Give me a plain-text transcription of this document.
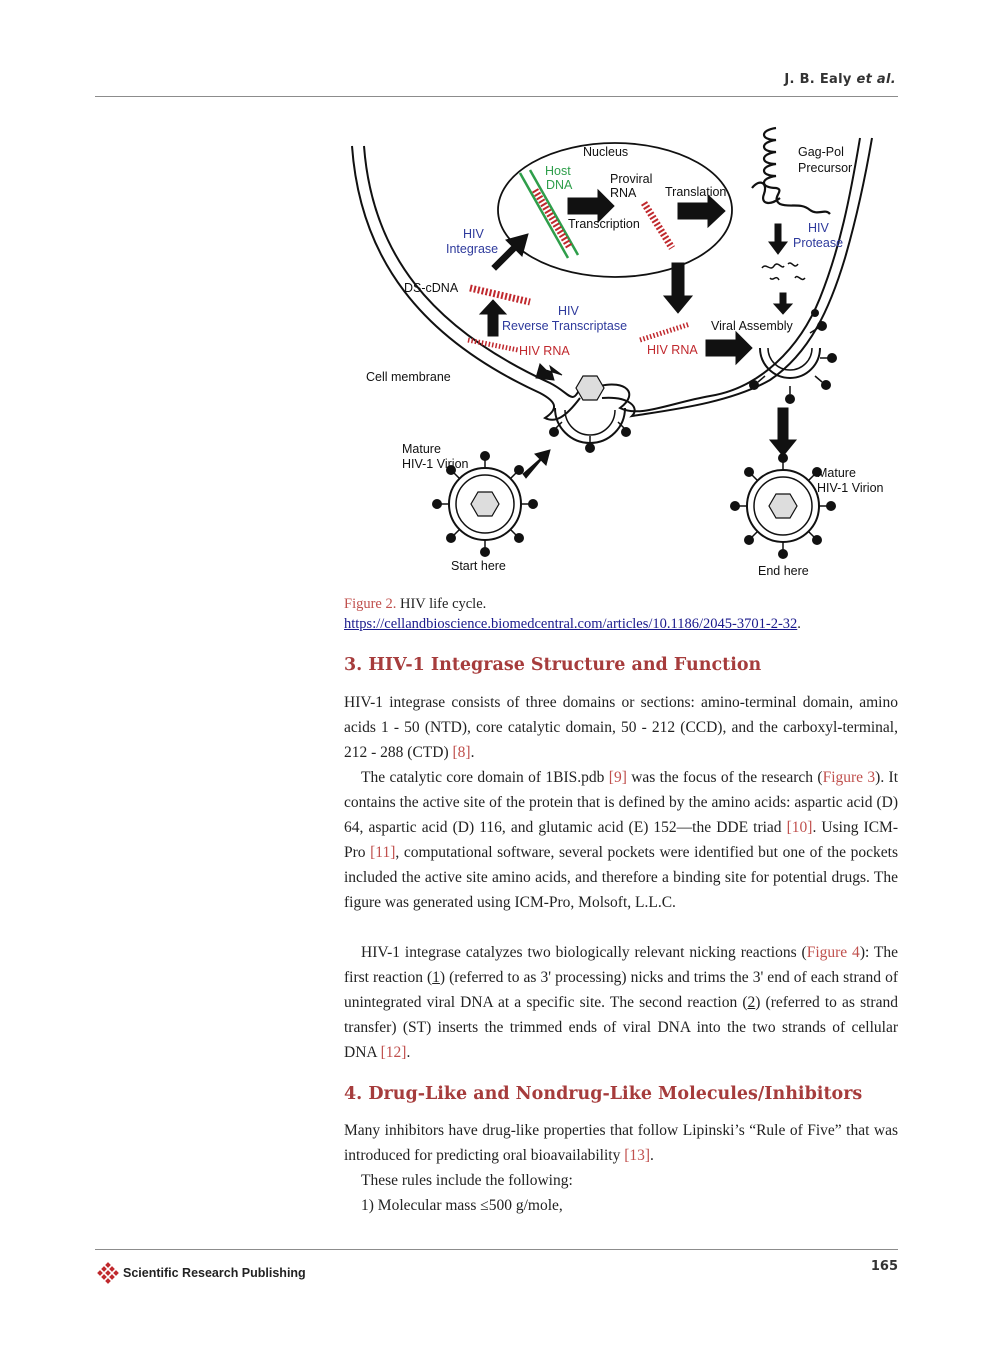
J. B. Ealy et al.
Nucleus
Host
DNA	Proviral
RNA
Transcription
Translation
Gag-Pol
Precursor
HIV
Protease
HIV
Integrase
DS-cDNA
HIV
Reverse Transcriptase
HIV RNA	HIV RNA
Viral Assembly
Cell membrane
Mature
HIV-1 Virion
Mature
HIV-1 Virion
Start here	End here
Figure 2. HIV life cycle.
https://cellandbioscience.biomedcentral.com/articles/10.1186/2045-3701-2-32.
3. HIV-1 Integrase Structure and Function

HIV-1 integrase consists of three domains or sections: amino-terminal domain, amino acids 1 - 50 (NTD), core catalytic domain, 50 - 212 (CCD), and the carboxyl-terminal, 212 - 288 (CTD) [8].

The catalytic core domain of 1BIS.pdb [9] was the focus of the research (Figure 3). It contains the active site of the protein that is defined by the amino acids: aspartic acid (D) 64, aspartic acid (D) 116, and glutamic acid (E) 152—the DDE triad [10]. Using ICM-Pro [11], computational software, several pockets were identified but one of the pockets included the active site amino acids, and therefore a binding site for potential drugs. The figure was generated using ICM-Pro, Molsoft, L.L.C.

HIV-1 integrase catalyzes two biologically relevant nicking reactions (Figure 4): The first reaction (1) (referred to as 3' processing) nicks and trims the 3' end of each strand of unintegrated viral DNA at a specific site. The second reaction (2) (referred to as strand transfer) (ST) inserts the trimmed ends of viral DNA into the two strands of cellular DNA [12].

4. Drug-Like and Nondrug-Like Molecules/Inhibitors

Many inhibitors have drug-like properties that follow Lipinski’s “Rule of Five” that was introduced for predicting oral bioavailability [13].

These rules include the following:
1) Molecular mass ≤500 g/mole,
Scientific Research Publishing	165
